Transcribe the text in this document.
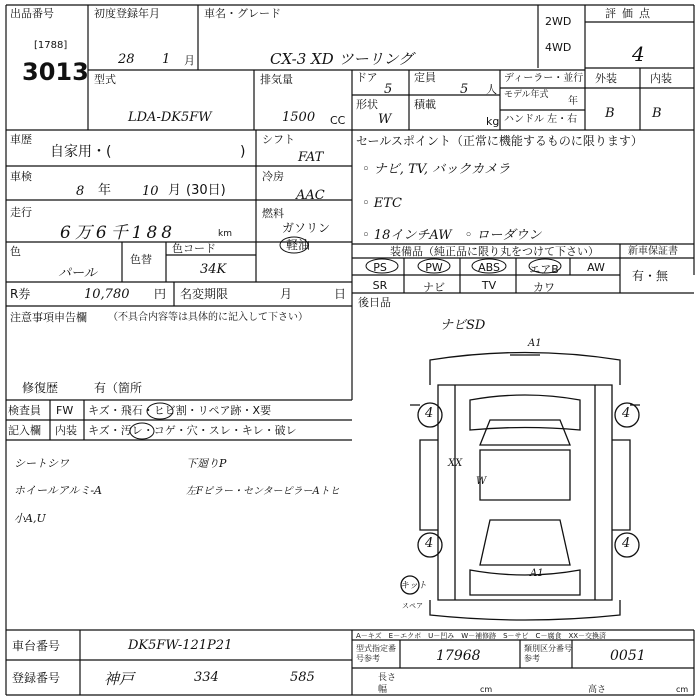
出品番号
[1788]
3013
初度登録年月
28 1 月
車名・グレード
CX-3 XD ツーリング
2WD
4WD
評価点
4
型式
LDA-DK5FW
排気量
1500 CC
ドア
5
定員
5 人
形状
W
積載
kg
ディーラー・並行
モデル年式
年
ハンドル 左・右
外装	内装
B	B
車歴
自家用・(	)
シフト
FAT
車検
8 年 10 月 (30日)
冷房
AAC
走行
6万6千188	km
燃料
ガソリン
軽油
色
パール
色替
色コード
34K
R券	10,780 円 名変期限	月	日
注意事項申告欄 （不具合内容等は具体的に記入して下さい）
修復歴	有（箇所
検査員
記入欄
FW キズ・飛石・ヒビ割・リペア跡・X要
内装 キズ・汚レ・コゲ・穴・スレ・キレ・破レ
シートシワ
ホイールアルミ-A
小A,U
下廻りP
左Fピラー・センターピラーAトヒ
セールスポイント（正常に機能するものに限ります）
◦ ナビ, TV, バックカメラ
◦ ETC
◦ 18インチAW　◦ ローダウン
装備品（純正品に限り丸をつけて下さい）	新車保証書
有・無
PS	PW	ABS	エアB	AW
SR	ナビ	TV	カワ
後日品
ナビSD
A1
XX
W
A1
4	4
4	4
キット
スペア
A－キズ　E－エクボ　U－凹み　W－補修跡　S－サビ　C－腐食　XX－交換済
車台番号	DK5FW-121P21
登録番号	神戸	334	585
型式指定番号参考	17968	類別区分番号参考	0051
長さ
幅	高さ
cm	cm
